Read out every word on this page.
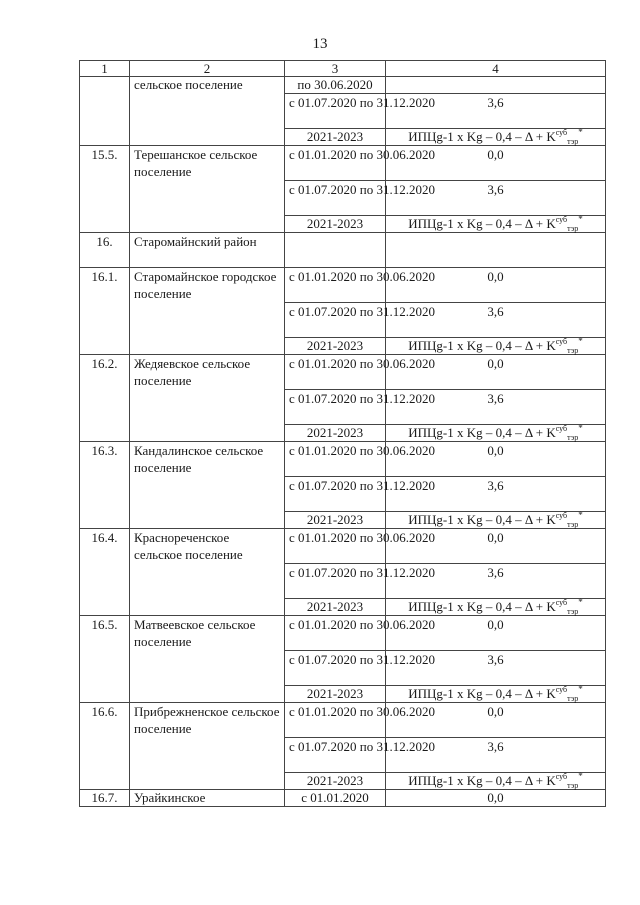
13
1	2	3	4
	сельское поселение	по 30.06.2020	
		с 01.07.2020 по 31.12.2020	3,6
		2021-2023	ИПЦg-1 x $Kg - 0,4 - \Delta + K^{суб}_{тэр}^*$
15.5.	Терешанское сельское поселение	с 01.01.2020 по 30.06.2020	0,0
		с 01.07.2020 по 31.12.2020	3,6
		2021-2023	ИПЦg-1 x $Kg - 0,4 - \Delta + K^{суб}_{тэр}^*$
16.	Старомайнский район		
16.1.	Старомайнское городское поселение	с 01.01.2020 по 30.06.2020	0,0
		с 01.07.2020 по 31.12.2020	3,6
		2021-2023	ИПЦg-1 x $Kg - 0,4 - \Delta + K^{суб}_{тэр}^*$
16.2.	Жедяевское сельское поселение	с 01.01.2020 по 30.06.2020	0,0
		с 01.07.2020 по 31.12.2020	3,6
		2021-2023	ИПЦg-1 x $Kg - 0,4 - \Delta + K^{суб}_{тэр}^*$
16.3.	Кандалинское сельское поселение	с 01.01.2020 по 30.06.2020	0,0
		с 01.07.2020 по 31.12.2020	3,6
		2021-2023	ИПЦg-1 x $Kg - 0,4 - \Delta + K^{суб}_{тэр}^*$
16.4.	Краснореченское сельское поселение	с 01.01.2020 по 30.06.2020	0,0
		с 01.07.2020 по 31.12.2020	3,6
		2021-2023	ИПЦg-1 x $Kg - 0,4 - \Delta + K^{суб}_{тэр}^*$
16.5.	Матвеевское сельское поселение	с 01.01.2020 по 30.06.2020	0,0
		с 01.07.2020 по 31.12.2020	3,6
		2021-2023	ИПЦg-1 x $Kg - 0,4 - \Delta + K^{суб}_{тэр}^*$
16.6.	Прибрежненское сельское поселение	с 01.01.2020 по 30.06.2020	0,0
		с 01.07.2020 по 31.12.2020	3,6
		2021-2023	ИПЦg-1 x $Kg - 0,4 - \Delta + K^{суб}_{тэр}^*$
16.7.	Урайкинское	с 01.01.2020	0,0
